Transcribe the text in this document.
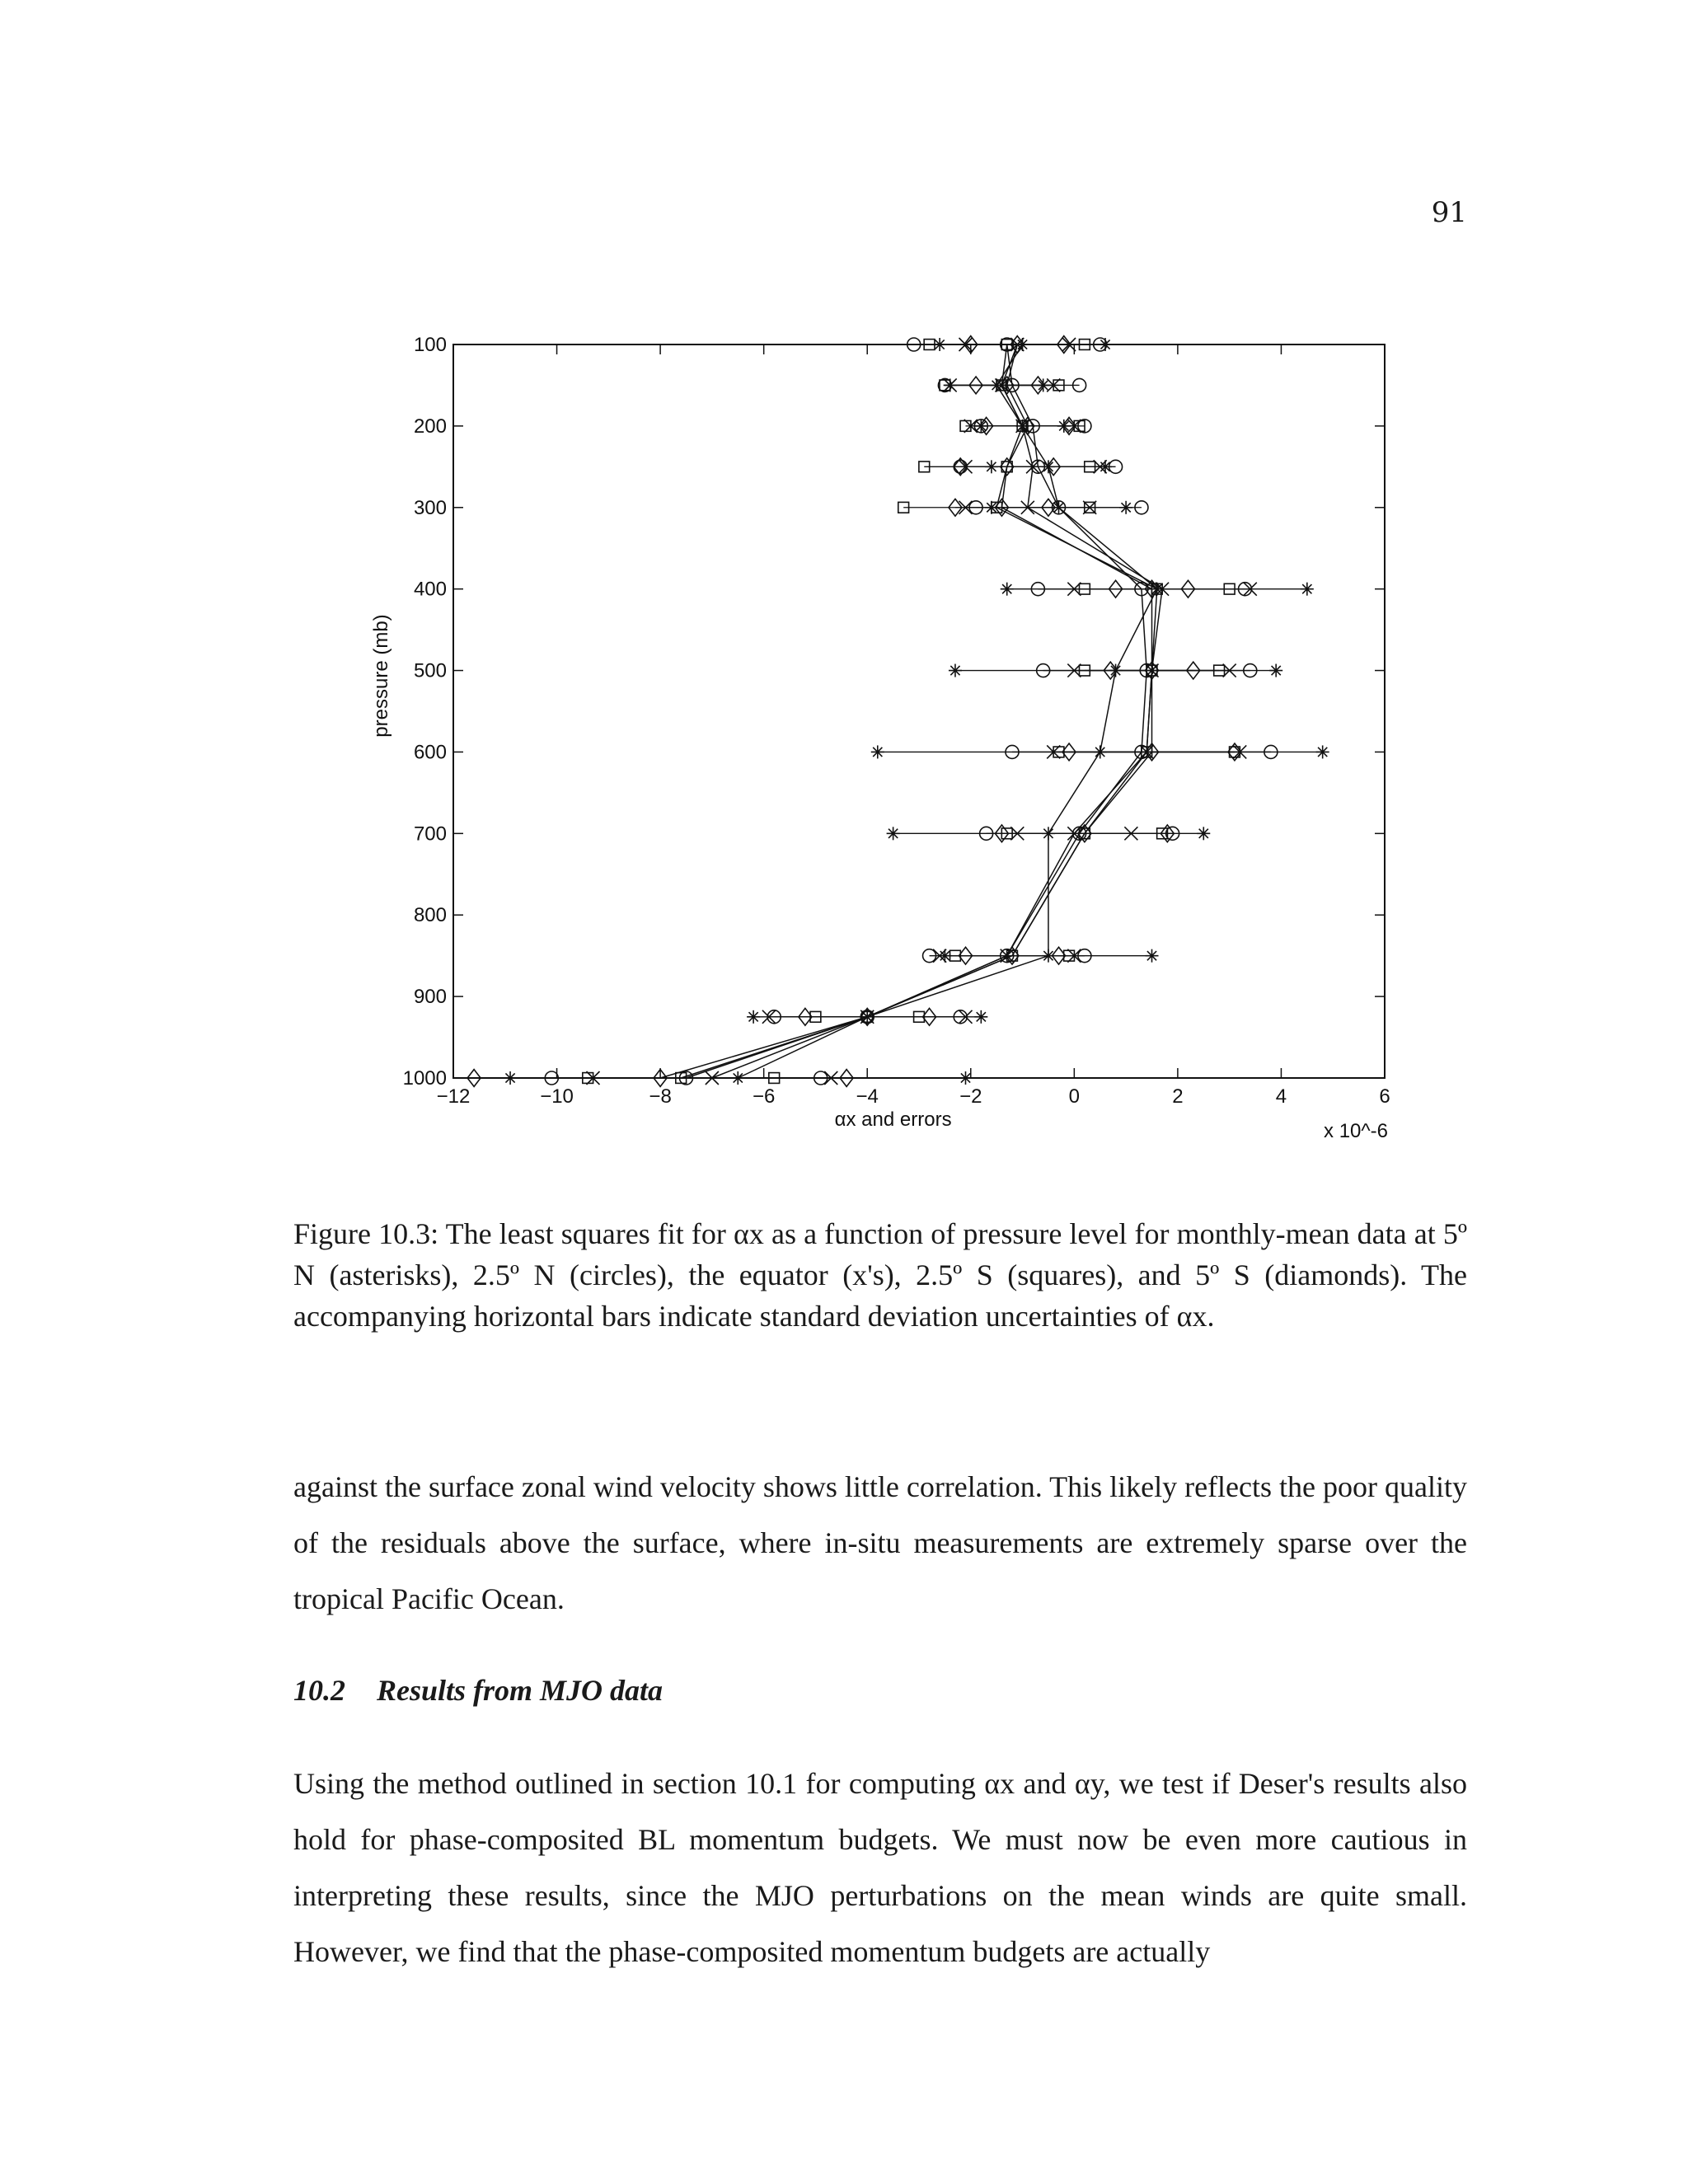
91
−12	−10	−8	−6	−4	−2	0	2	4	6
100
200
300
400
500
600
700
800
900
1000
pressure (mb)
αx and errors
x 10^-6
Figure 10.3: The least squares fit for αx as a function of pressure level for monthly-mean data at 5º N (asterisks), 2.5º N (circles), the equator (x's), 2.5º S (squares), and 5º S (diamonds). The accompanying horizontal bars indicate standard deviation uncertainties of αx.
against the surface zonal wind velocity shows little correlation. This likely reflects the poor quality of the residuals above the surface, where in-situ measurements are extremely sparse over the tropical Pacific Ocean.
10.2 Results from MJO data
Using the method outlined in section 10.1 for computing αx and αy, we test if Deser's results also hold for phase-composited BL momentum budgets. We must now be even more cautious in interpreting these results, since the MJO perturbations on the mean winds are quite small. However, we find that the phase-composited momentum budgets are actually
